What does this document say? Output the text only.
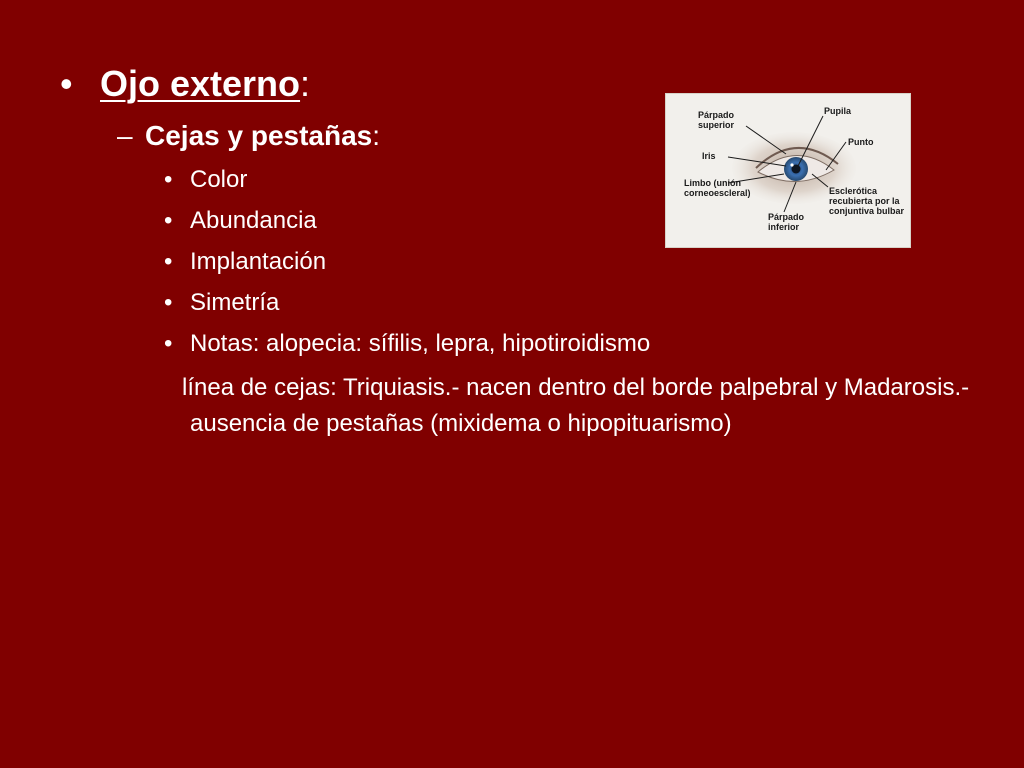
• Ojo externo:
– Cejas y pestañas:
• Color
• Abundancia
• Implantación
• Simetría
• Notas: alopecia: sífilis, lepra, hipotiroidismo
línea de cejas: Triquiasis.- nacen dentro del borde palpebral y Madarosis.- ausencia de pestañas (mixidema o hipopituarismo)
Párpado superior
Pupila
Punto
Iris
Limbo (unión corneoescleral)	Esclerótica recubierta por la conjuntiva bulbar
Párpado inferior
